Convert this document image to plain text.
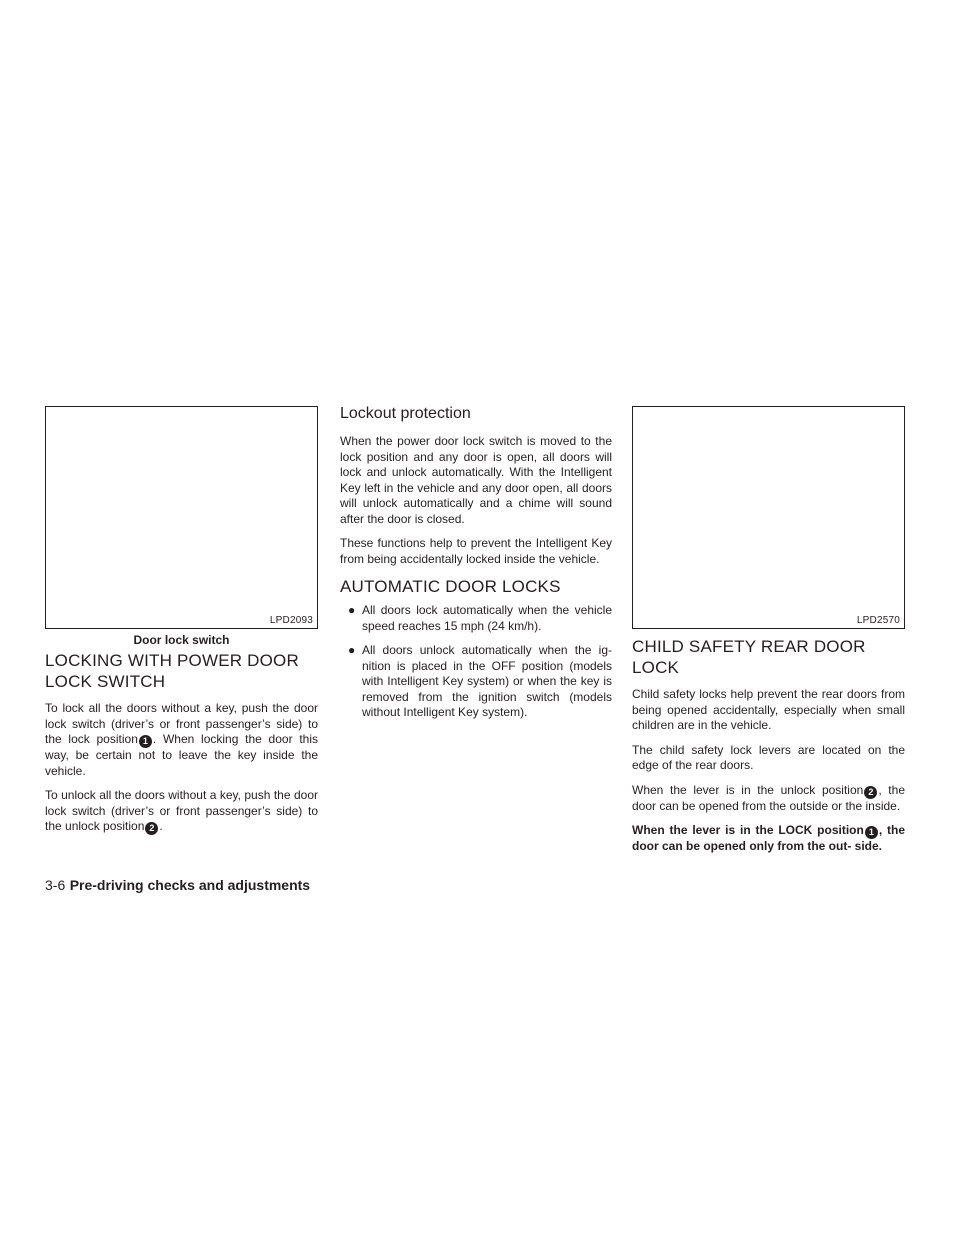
LPD2093
Door lock switch
LOCKING WITH POWER DOOR
LOCK SWITCH

To lock all the doors without a key, push the door lock switch (driver’s or front passenger’s side) to the lock position 1 . When locking the door this way, be certain not to leave the key inside the vehicle.

To unlock all the doors without a key, push the door lock switch (driver’s or front passenger’s side) to the unlock position 2 .

Lockout protection

When the power door lock switch is moved to the lock position and any door is open, all doors will lock and unlock automatically. With the Intelligent Key left in the vehicle and any door open, all doors will unlock automatically and a chime will sound after the door is closed.

These functions help to prevent the Intelligent Key from being accidentally locked inside the vehicle.

AUTOMATIC DOOR LOCKS
● All doors lock automatically when the vehicle speed reaches 15 mph (24 km/h).
● All doors unlock automatically when the ig- nition is placed in the OFF position (models with Intelligent Key system) or when the key is removed from the ignition switch (models without Intelligent Key system).
LPD2570
CHILD SAFETY REAR DOOR LOCK

Child safety locks help prevent the rear doors from being opened accidentally, especially when small children are in the vehicle.

The child safety lock levers are located on the edge of the rear doors.

When the lever is in the unlock position 2 , the door can be opened from the outside or the inside.

When the lever is in the LOCK position 1 , the door can be opened only from the out- side.

3-6 Pre-driving checks and adjustments
